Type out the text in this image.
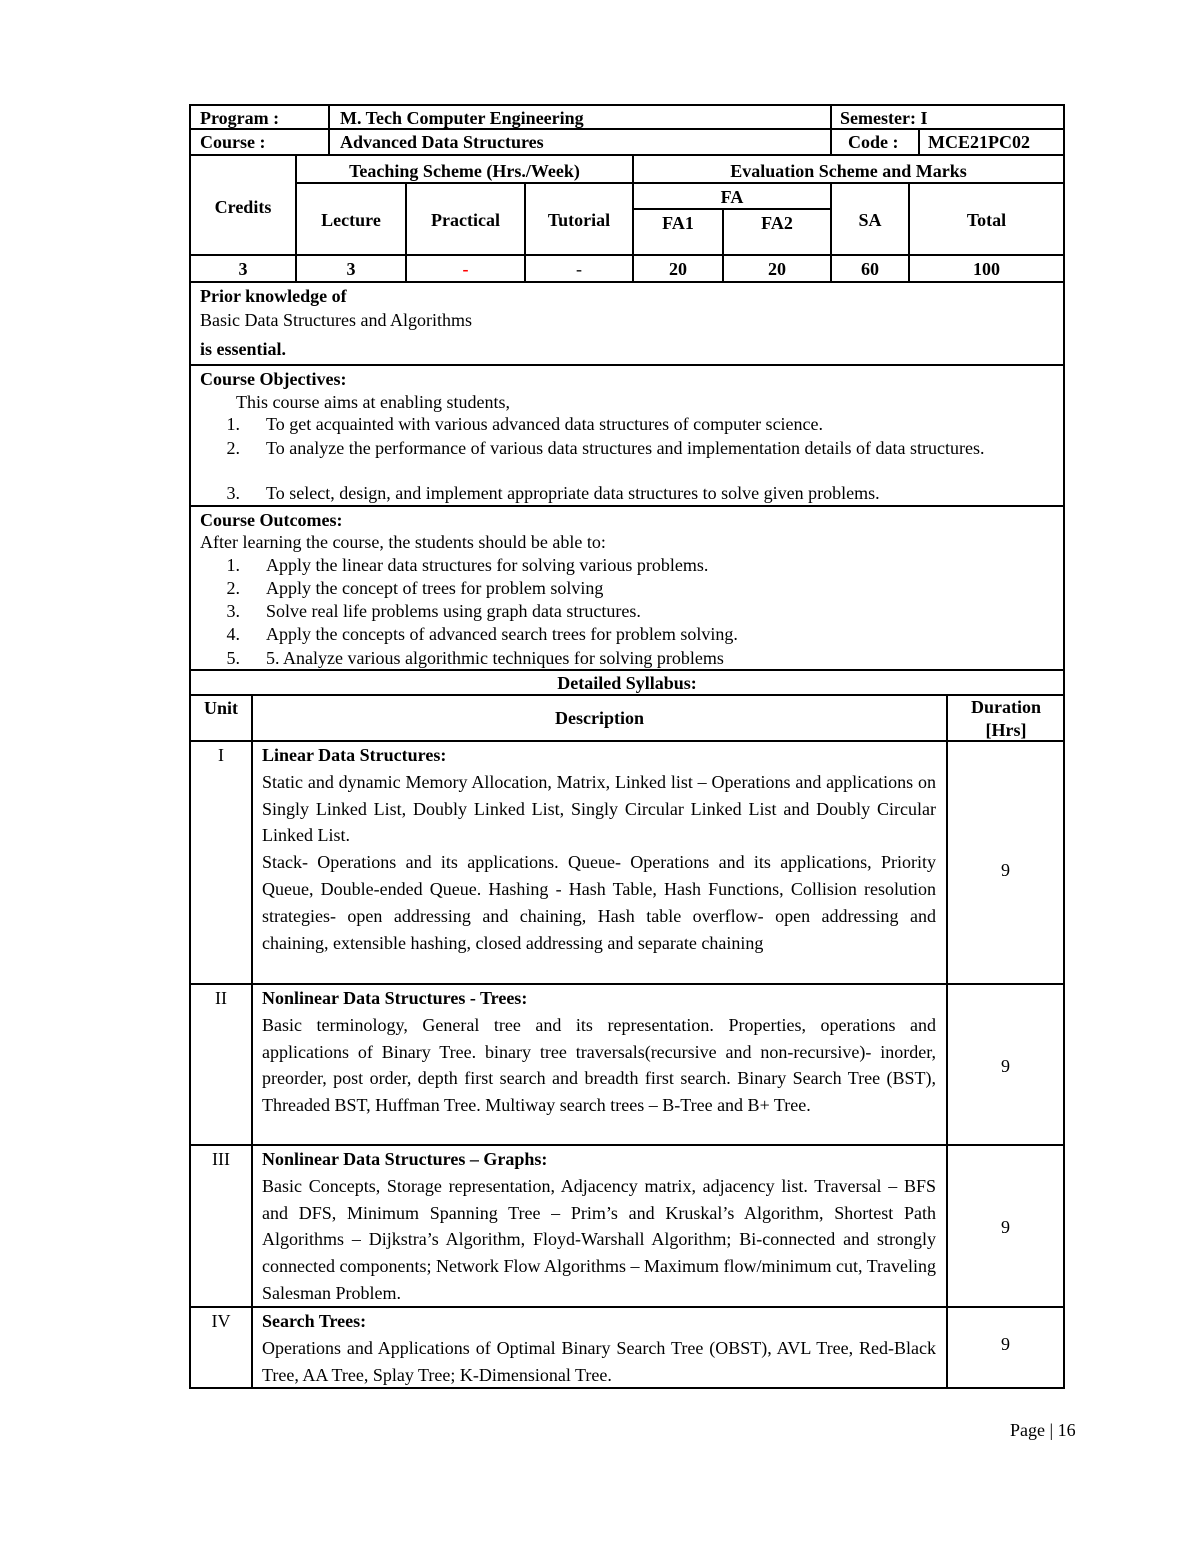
Program :	M. Tech Computer Engineering	Semester: I
Course :	Advanced Data Structures	Code : MCE21PC02
Credits
Teaching Scheme (Hrs./Week)	Evaluation Scheme and Marks
Lecture	Practical	Tutorial
FA
FA1	FA2	SA	Total
3	3	-	-	20	20	60	100
Prior knowledge of
Basic Data Structures and Algorithms
is essential.
Course Objectives:
This course aims at enabling students,
1. To get acquainted with various advanced data structures of computer science.
2. To analyze the performance of various data structures and implementation details of data structures.
3. To select, design, and implement appropriate data structures to solve given problems.
Course Outcomes:
After learning the course, the students should be able to:
1. Apply the linear data structures for solving various problems.
2. Apply the concept of trees for problem solving
3. Solve real life problems using graph data structures.
4. Apply the concepts of advanced search trees for problem solving.
5. 5. Analyze various algorithmic techniques for solving problems
Detailed Syllabus:
Unit	Description
Duration [Hrs]
I	Linear Data Structures:
Static and dynamic Memory Allocation, Matrix, Linked list – Operations and applications on Singly Linked List, Doubly Linked List, Singly Circular Linked List and Doubly Circular Linked List.
Stack- Operations and its applications. Queue- Operations and its applications, Priority Queue, Double-ended Queue. Hashing - Hash Table, Hash Functions, Collision resolution strategies- open addressing and chaining, Hash table overflow- open addressing and chaining, extensible hashing, closed addressing and separate chaining
9
II	Nonlinear Data Structures - Trees:
Basic terminology, General tree and its representation. Properties, operations and applications of Binary Tree. binary tree traversals(recursive and non-recursive)- inorder, preorder, post order, depth first search and breadth first search. Binary Search Tree (BST), Threaded BST, Huffman Tree. Multiway search trees – B-Tree and B+ Tree.
9
III	Nonlinear Data Structures – Graphs:
Basic Concepts, Storage representation, Adjacency matrix, adjacency list. Traversal – BFS and DFS, Minimum Spanning Tree – Prim’s and Kruskal’s Algorithm, Shortest Path Algorithms – Dijkstra’s Algorithm, Floyd-Warshall Algorithm; Bi-connected and strongly connected components; Network Flow Algorithms – Maximum flow/minimum cut, Traveling Salesman Problem.
9
IV	Search Trees:
Operations and Applications of Optimal Binary Search Tree (OBST), AVL Tree, Red-Black Tree, AA Tree, Splay Tree; K-Dimensional Tree.
9
Page | 16
